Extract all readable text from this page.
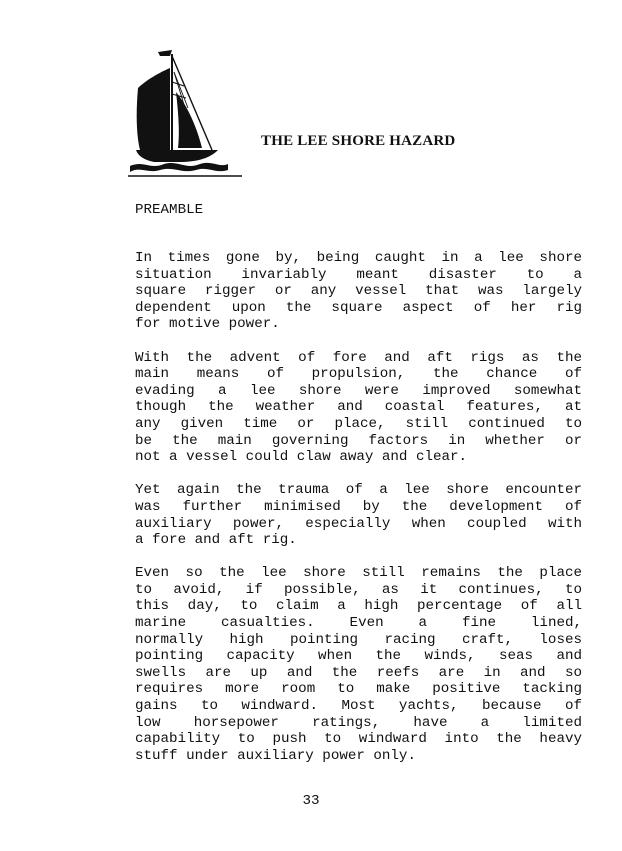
THE LEE SHORE HAZARD
PREAMBLE
In times gone by, being caught in a lee shore
situation invariably meant disaster to a
square rigger or any vessel that was largely
dependent upon the square aspect of her rig
for motive power.
With the advent of fore and aft rigs as the
main means of propulsion, the chance of
evading a lee shore were improved somewhat
though the weather and coastal features, at
any given time or place, still continued to
be the main governing factors in whether or
not a vessel could claw away and clear.
Yet again the trauma of a lee shore encounter
was further minimised by the development of
auxiliary power, especially when coupled with
a fore and aft rig.
Even so the lee shore still remains the place
to avoid, if possible, as it continues, to
this day, to claim a high percentage of all
marine casualties. Even a fine lined,
normally high pointing racing craft, loses
pointing capacity when the winds, seas and
swells are up and the reefs are in and so
requires more room to make positive tacking
gains to windward. Most yachts, because of
low horsepower ratings, have a limited
capability to push to windward into the heavy
stuff under auxiliary power only.
33
